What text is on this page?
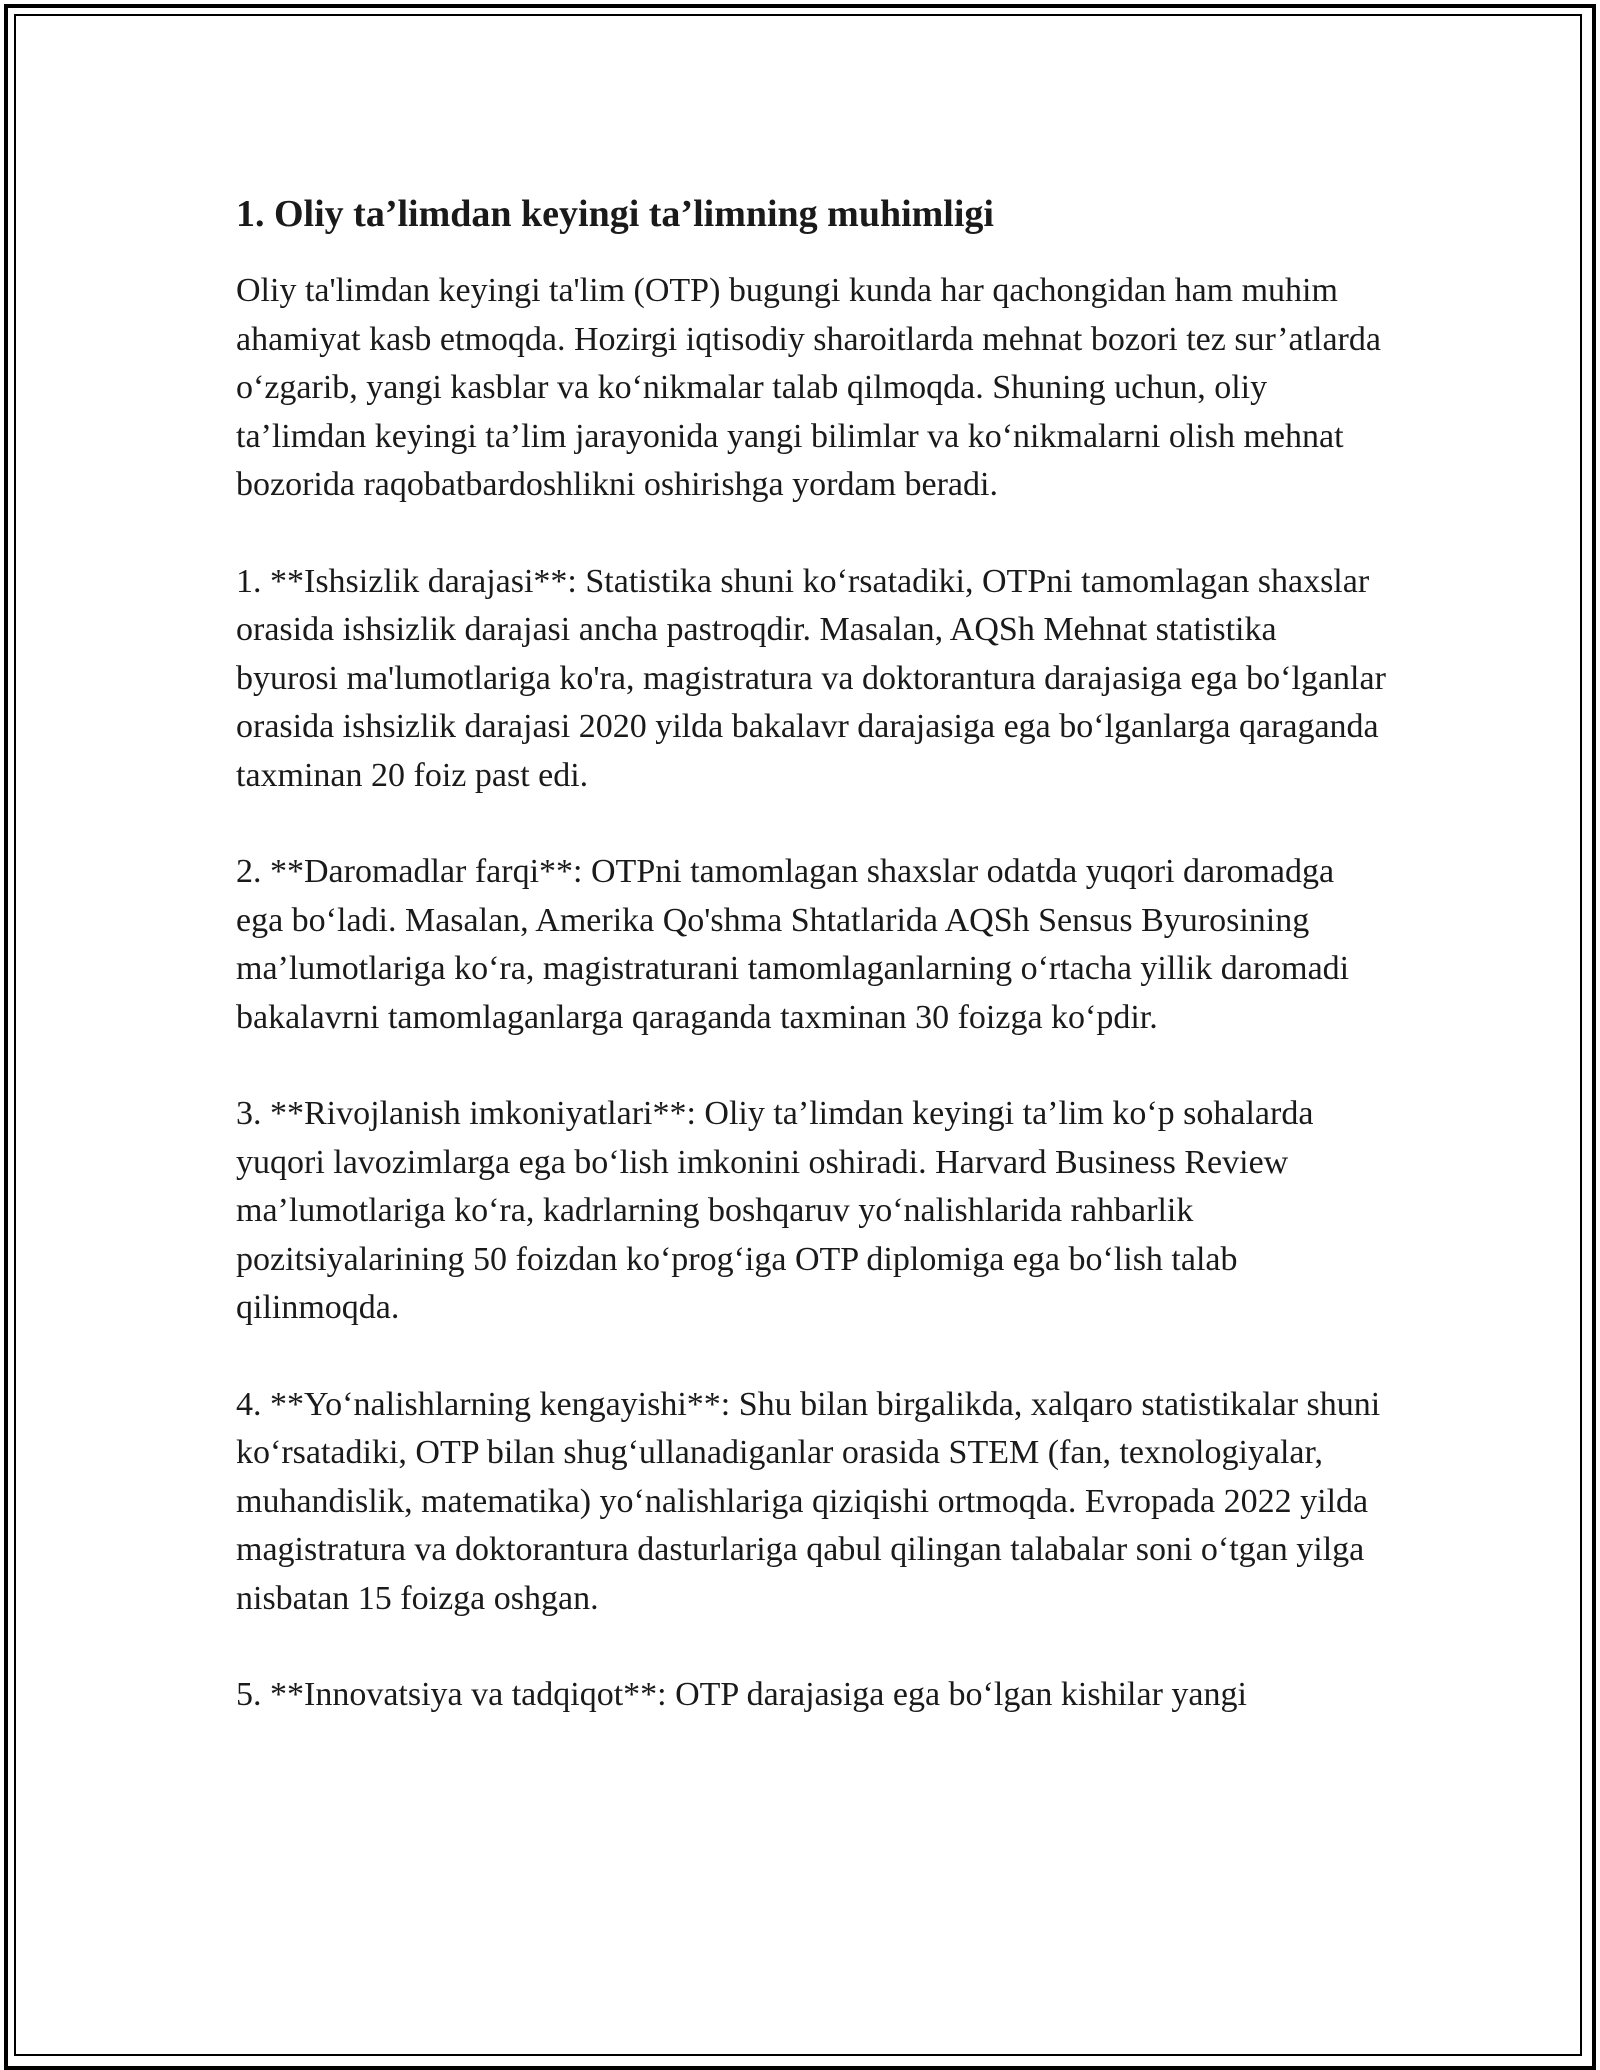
1. Oliy ta’limdan keyingi ta’limning muhimligi

Oliy ta'limdan keyingi ta'lim (OTP) bugungi kunda har qachongidan ham muhim ahamiyat kasb etmoqda. Hozirgi iqtisodiy sharoitlarda mehnat bozori tez sur’atlarda o‘zgarib, yangi kasblar va ko‘nikmalar talab qilmoqda. Shuning uchun, oliy ta’limdan keyingi ta’lim jarayonida yangi bilimlar va ko‘nikmalarni olish mehnat bozorida raqobatbardoshlikni oshirishga yordam beradi.

1. **Ishsizlik darajasi**: Statistika shuni ko‘rsatadiki, OTPni tamomlagan shaxslar orasida ishsizlik darajasi ancha pastroqdir. Masalan, AQSh Mehnat statistika byurosi ma'lumotlariga ko'ra, magistratura va doktorantura darajasiga ega bo‘lganlar orasida ishsizlik darajasi 2020 yilda bakalavr darajasiga ega bo‘lganlarga qaraganda taxminan 20 foiz past edi.

2. **Daromadlar farqi**: OTPni tamomlagan shaxslar odatda yuqori daromadga ega bo‘ladi. Masalan, Amerika Qo'shma Shtatlarida AQSh Sensus Byurosining ma’lumotlariga ko‘ra, magistraturani tamomlaganlarning o‘rtacha yillik daromadi bakalavrni tamomlaganlarga qaraganda taxminan 30 foizga ko‘pdir.

3. **Rivojlanish imkoniyatlari**: Oliy ta’limdan keyingi ta’lim ko‘p sohalarda yuqori lavozimlarga ega bo‘lish imkonini oshiradi. Harvard Business Review ma’lumotlariga ko‘ra, kadrlarning boshqaruv yo‘nalishlarida rahbarlik pozitsiyalarining 50 foizdan ko‘prog‘iga OTP diplomiga ega bo‘lish talab qilinmoqda.

4. **Yo‘nalishlarning kengayishi**: Shu bilan birgalikda, xalqaro statistikalar shuni ko‘rsatadiki, OTP bilan shug‘ullanadiganlar orasida STEM (fan, texnologiyalar, muhandislik, matematika) yo‘nalishlariga qiziqishi ortmoqda. Evropada 2022 yilda magistratura va doktorantura dasturlariga qabul qilingan talabalar soni o‘tgan yilga nisbatan 15 foizga oshgan.

5. **Innovatsiya va tadqiqot**: OTP darajasiga ega bo‘lgan kishilar yangi
